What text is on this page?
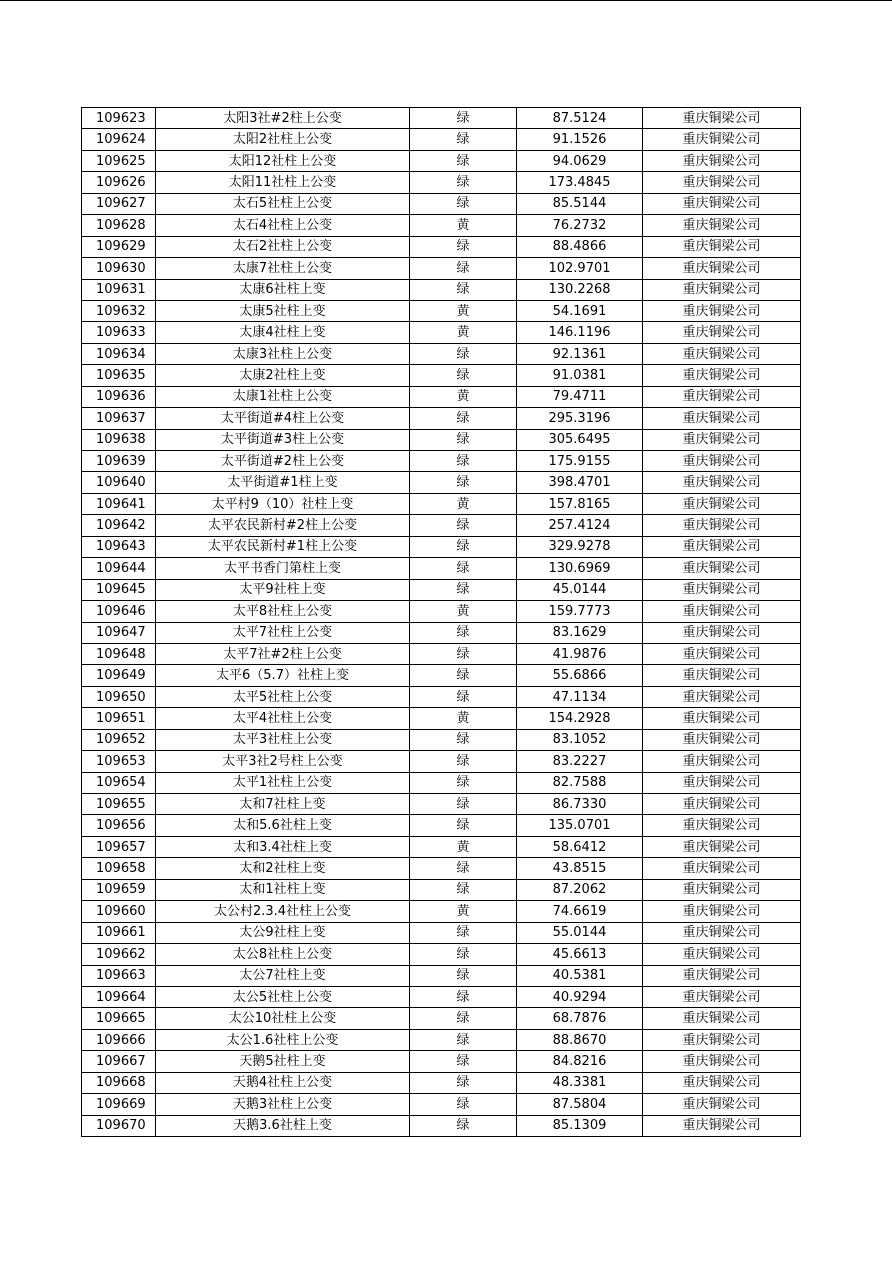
109623	太阳3社#2柱上公变	绿	87.5124	重庆铜梁公司
109624	太阳2社柱上公变	绿	91.1526	重庆铜梁公司
109625	太阳12社柱上公变	绿	94.0629	重庆铜梁公司
109626	太阳11社柱上公变	绿	173.4845	重庆铜梁公司
109627	太石5社柱上公变	绿	85.5144	重庆铜梁公司
109628	太石4社柱上公变	黄	76.2732	重庆铜梁公司
109629	太石2社柱上公变	绿	88.4866	重庆铜梁公司
109630	太康7社柱上公变	绿	102.9701	重庆铜梁公司
109631	太康6社柱上变	绿	130.2268	重庆铜梁公司
109632	太康5社柱上变	黄	54.1691	重庆铜梁公司
109633	太康4社柱上变	黄	146.1196	重庆铜梁公司
109634	太康3社柱上公变	绿	92.1361	重庆铜梁公司
109635	太康2社柱上变	绿	91.0381	重庆铜梁公司
109636	太康1社柱上公变	黄	79.4711	重庆铜梁公司
109637	太平街道#4柱上公变	绿	295.3196	重庆铜梁公司
109638	太平街道#3柱上公变	绿	305.6495	重庆铜梁公司
109639	太平街道#2柱上公变	绿	175.9155	重庆铜梁公司
109640	太平街道#1柱上变	绿	398.4701	重庆铜梁公司
109641	太平村9（10）社柱上变	黄	157.8165	重庆铜梁公司
109642	太平农民新村#2柱上公变	绿	257.4124	重庆铜梁公司
109643	太平农民新村#1柱上公变	绿	329.9278	重庆铜梁公司
109644	太平书香门第柱上变	绿	130.6969	重庆铜梁公司
109645	太平9社柱上变	绿	45.0144	重庆铜梁公司
109646	太平8社柱上公变	黄	159.7773	重庆铜梁公司
109647	太平7社柱上公变	绿	83.1629	重庆铜梁公司
109648	太平7社#2柱上公变	绿	41.9876	重庆铜梁公司
109649	太平6（5.7）社柱上变	绿	55.6866	重庆铜梁公司
109650	太平5社柱上公变	绿	47.1134	重庆铜梁公司
109651	太平4社柱上公变	黄	154.2928	重庆铜梁公司
109652	太平3社柱上公变	绿	83.1052	重庆铜梁公司
109653	太平3社2号柱上公变	绿	83.2227	重庆铜梁公司
109654	太平1社柱上公变	绿	82.7588	重庆铜梁公司
109655	太和7社柱上变	绿	86.7330	重庆铜梁公司
109656	太和5.6社柱上变	绿	135.0701	重庆铜梁公司
109657	太和3.4社柱上变	黄	58.6412	重庆铜梁公司
109658	太和2社柱上变	绿	43.8515	重庆铜梁公司
109659	太和1社柱上变	绿	87.2062	重庆铜梁公司
109660	太公村2.3.4社柱上公变	黄	74.6619	重庆铜梁公司
109661	太公9社柱上变	绿	55.0144	重庆铜梁公司
109662	太公8社柱上公变	绿	45.6613	重庆铜梁公司
109663	太公7社柱上变	绿	40.5381	重庆铜梁公司
109664	太公5社柱上公变	绿	40.9294	重庆铜梁公司
109665	太公10社柱上公变	绿	68.7876	重庆铜梁公司
109666	太公1.6社柱上公变	绿	88.8670	重庆铜梁公司
109667	天鹅5社柱上变	绿	84.8216	重庆铜梁公司
109668	天鹅4社柱上公变	绿	48.3381	重庆铜梁公司
109669	天鹅3社柱上公变	绿	87.5804	重庆铜梁公司
109670	天鹅3.6社柱上变	绿	85.1309	重庆铜梁公司
